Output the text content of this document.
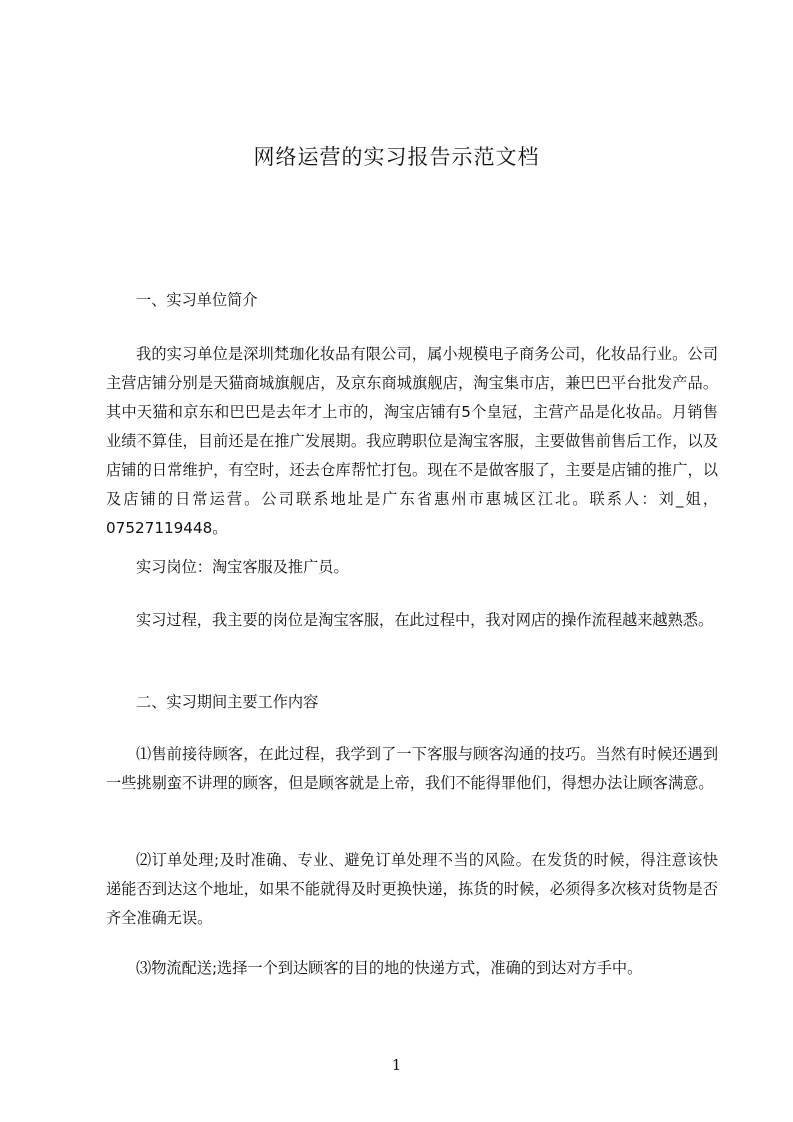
网络运营的实习报告示范文档
一、实习单位简介
我的实习单位是深圳梵珈化妆品有限公司，属小规模电子商务公司，化妆品行业。公司主营店铺分别是天猫商城旗舰店，及京东商城旗舰店，淘宝集市店，兼巴巴平台批发产品。其中天猫和京东和巴巴是去年才上市的，淘宝店铺有5个皇冠，主营产品是化妆品。月销售业绩不算佳，目前还是在推广发展期。我应聘职位是淘宝客服，主要做售前售后工作，以及店铺的日常维护，有空时，还去仓库帮忙打包。现在不是做客服了，主要是店铺的推广，以及店铺的日常运营。公司联系地址是广东省惠州市惠城区江北。联系人：刘_姐，07527119448。
实习岗位：淘宝客服及推广员。
实习过程，我主要的岗位是淘宝客服，在此过程中，我对网店的操作流程越来越熟悉。
二、实习期间主要工作内容
⑴售前接待顾客，在此过程，我学到了一下客服与顾客沟通的技巧。当然有时候还遇到一些挑剔蛮不讲理的顾客，但是顾客就是上帝，我们不能得罪他们，得想办法让顾客满意。
⑵订单处理;及时准确、专业、避免订单处理不当的风险。在发货的时候，得注意该快递能否到达这个地址，如果不能就得及时更换快递，拣货的时候，必须得多次核对货物是否齐全准确无误。
⑶物流配送;选择一个到达顾客的目的地的快递方式，准确的到达对方手中。
1
